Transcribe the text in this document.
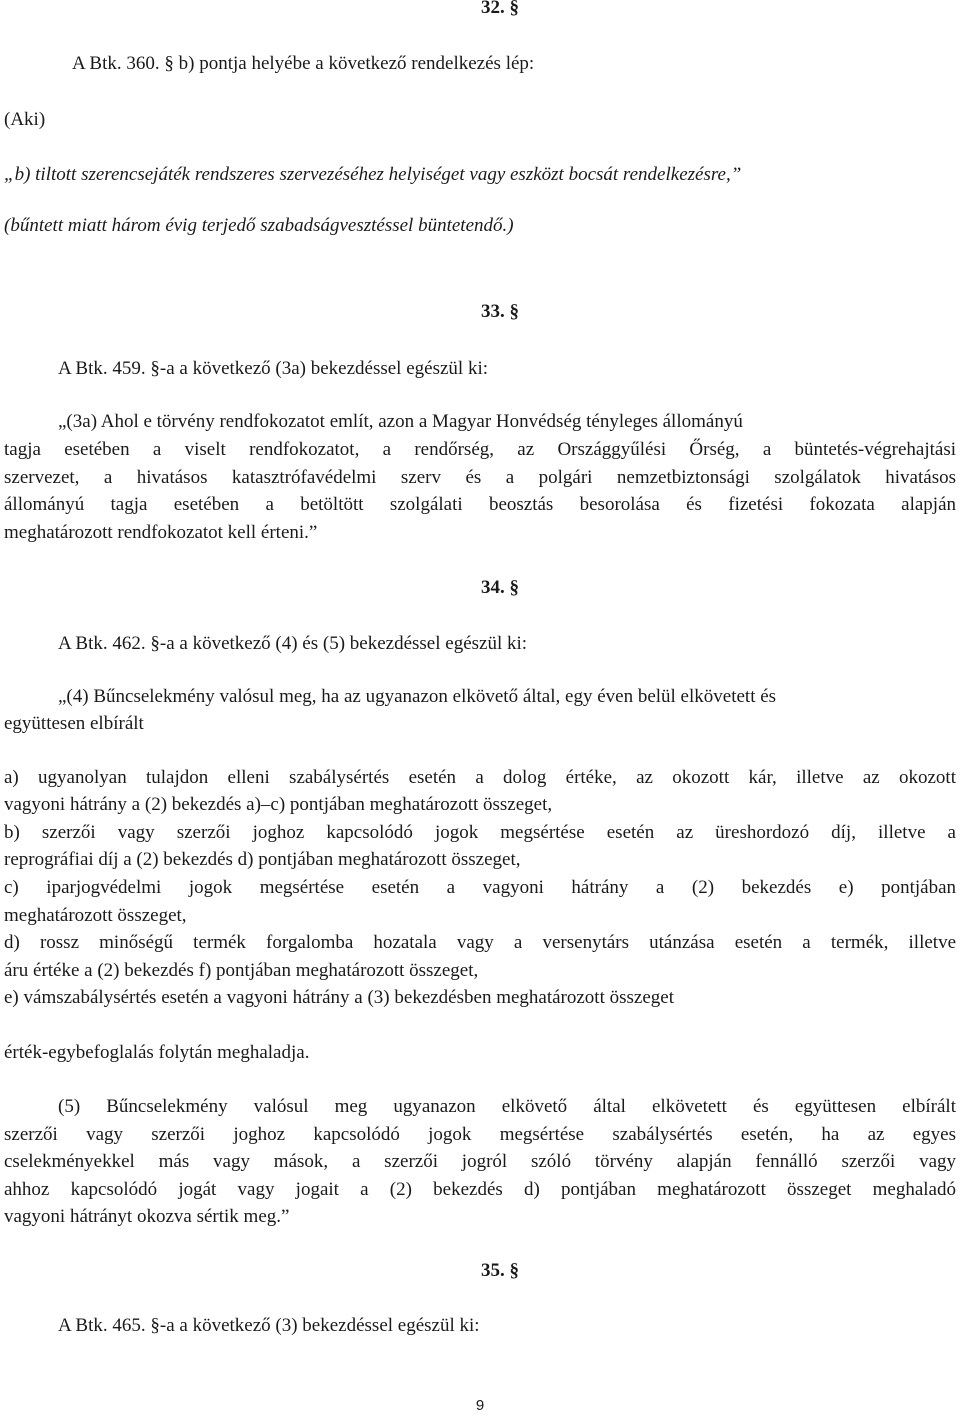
32. §
A Btk. 360. § b) pontja helyébe a következő rendelkezés lép:
(Aki)
„b) tiltott szerencsejáték rendszeres szervezéséhez helyiséget vagy eszközt bocsát rendelkezésre,”
(bűntett miatt három évig terjedő szabadságvesztéssel büntetendő.)
33. §
A Btk. 459. §-a a következő (3a) bekezdéssel egészül ki:
„(3a) Ahol e törvény rendfokozatot említ, azon a Magyar Honvédség tényleges állományú
tagja esetében a viselt rendfokozatot, a rendőrség, az Országgyűlési Őrség, a büntetés-végrehajtási
szervezet, a hivatásos katasztrófavédelmi szerv és a polgári nemzetbiztonsági szolgálatok hivatásos
állományú tagja esetében a betöltött szolgálati beosztás besorolása és fizetési fokozata alapján
meghatározott rendfokozatot kell érteni.”
34. §
A Btk. 462. §-a a következő (4) és (5) bekezdéssel egészül ki:
„(4) Bűncselekmény valósul meg, ha az ugyanazon elkövető által, egy éven belül elkövetett és
együttesen elbírált
a) ugyanolyan tulajdon elleni szabálysértés esetén a dolog értéke, az okozott kár, illetve az okozott
vagyoni hátrány a (2) bekezdés a)–c) pontjában meghatározott összeget,
b) szerzői vagy szerzői joghoz kapcsolódó jogok megsértése esetén az üreshordozó díj, illetve a
reprográfiai díj a (2) bekezdés d) pontjában meghatározott összeget,
c) iparjogvédelmi jogok megsértése esetén a vagyoni hátrány a (2) bekezdés e) pontjában
meghatározott összeget,
d) rossz minőségű termék forgalomba hozatala vagy a versenytárs utánzása esetén a termék, illetve
áru értéke a (2) bekezdés f) pontjában meghatározott összeget,
e) vámszabálysértés esetén a vagyoni hátrány a (3) bekezdésben meghatározott összeget
érték-egybefoglalás folytán meghaladja.
(5) Bűncselekmény valósul meg ugyanazon elkövető által elkövetett és együttesen elbírált
szerzői vagy szerzői joghoz kapcsolódó jogok megsértése szabálysértés esetén, ha az egyes
cselekményekkel más vagy mások, a szerzői jogról szóló törvény alapján fennálló szerzői vagy
ahhoz kapcsolódó jogát vagy jogait a (2) bekezdés d) pontjában meghatározott összeget meghaladó
vagyoni hátrányt okozva sértik meg.”
35. §
A Btk. 465. §-a a következő (3) bekezdéssel egészül ki:
9
